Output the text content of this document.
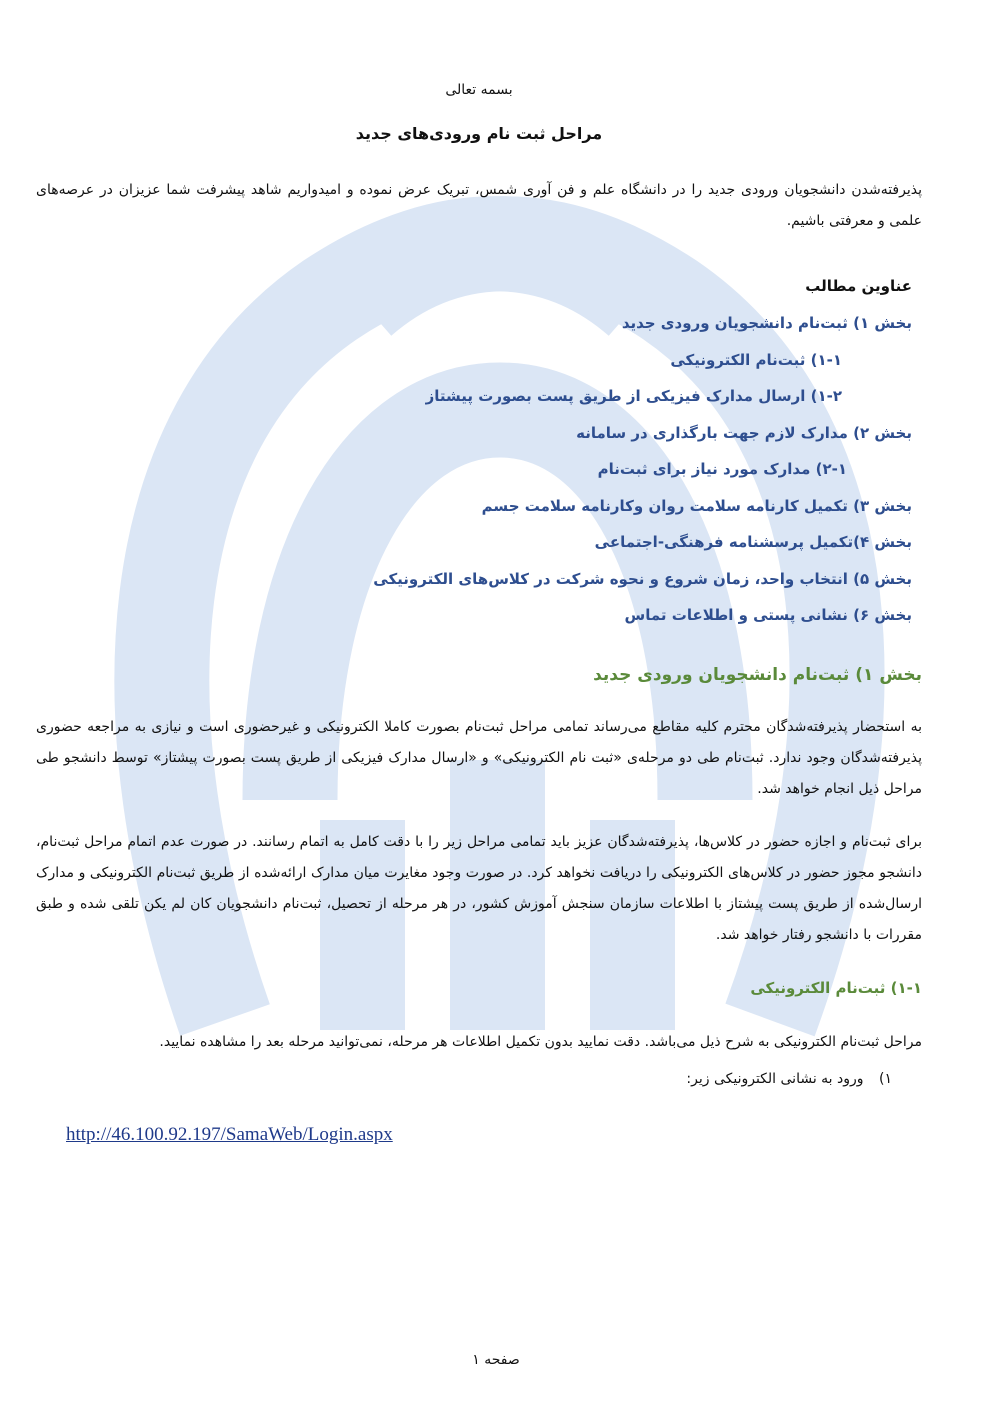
بسمه تعالی

مراحل ثبت نام ورودی‌های جدید

پذیرفته‌شدن دانشجویان ورودی جدید را در دانشگاه علم و فن آوری شمس، تبریک عرض نموده و امیدواریم شاهد پیشرفت شما عزیزان در عرصه‌های علمی و معرفتی باشیم.

عناوین مطالب

بخش ۱) ثبت‌نام دانشجویان ورودی جدید
۱-۱) ثبت‌نام الکترونیکی
۱-۲) ارسال مدارک فیزیکی از طریق پست بصورت پیشتاز
بخش ۲) مدارک لازم جهت بارگذاری در سامانه
۲-۱) مدارک مورد نیاز برای ثبت‌نام
بخش ۳) تکمیل کارنامه سلامت روان وکارنامه سلامت جسم
بخش ۴)تکمیل پرسشنامه فرهنگی-اجتماعی
بخش ۵) انتخاب واحد، زمان شروع و نحوه شرکت در کلاس‌های الکترونیکی
بخش ۶) نشانی پستی و اطلاعات تماس
بخش ۱) ثبت‌نام دانشجویان ورودی جدید

به استحضار پذیرفته‌شدگان محترم کلیه مقاطع می‌رساند تمامی مراحل ثبت‌نام بصورت کاملا الکترونیکی و غیرحضوری است و نیازی به مراجعه حضوری پذیرفته‌شدگان وجود ندارد. ثبت‌نام طی دو مرحله‌ی «ثبت نام الکترونیکی» و «ارسال مدارک فیزیکی از طریق پست بصورت پیشتاز» توسط دانشجو طی مراحل ذیل انجام خواهد شد.

برای ثبت‌نام و اجازه حضور در کلاس‌ها، پذیرفته‌شدگان عزیز باید تمامی مراحل زیر را با دقت کامل به اتمام رسانند. در صورت عدم اتمام مراحل ثبت‌نام، دانشجو مجوز حضور در کلاس‌های الکترونیکی را دریافت نخواهد کرد. در صورت وجود مغایرت میان مدارک ارائه‌شده از طریق ثبت‌نام الکترونیکی و مدارک ارسال‌شده از طریق پست پیشتاز با اطلاعات سازمان سنجش آموزش کشور، در هر مرحله از تحصیل، ثبت‌نام دانشجویان کان لم یکن تلقی شده و طبق مقررات با دانشجو رفتار خواهد شد.

۱-۱) ثبت‌نام الکترونیکی

مراحل ثبت‌نام الکترونیکی به شرح ذیل می‌باشد. دقت نمایید بدون تکمیل اطلاعات هر مرحله، نمی‌توانید مرحله بعد را مشاهده نمایید.

۱) ورود به نشانی الکترونیکی زیر:

http://46.100.92.197/SamaWeb/Login.aspx

صفحه ۱
